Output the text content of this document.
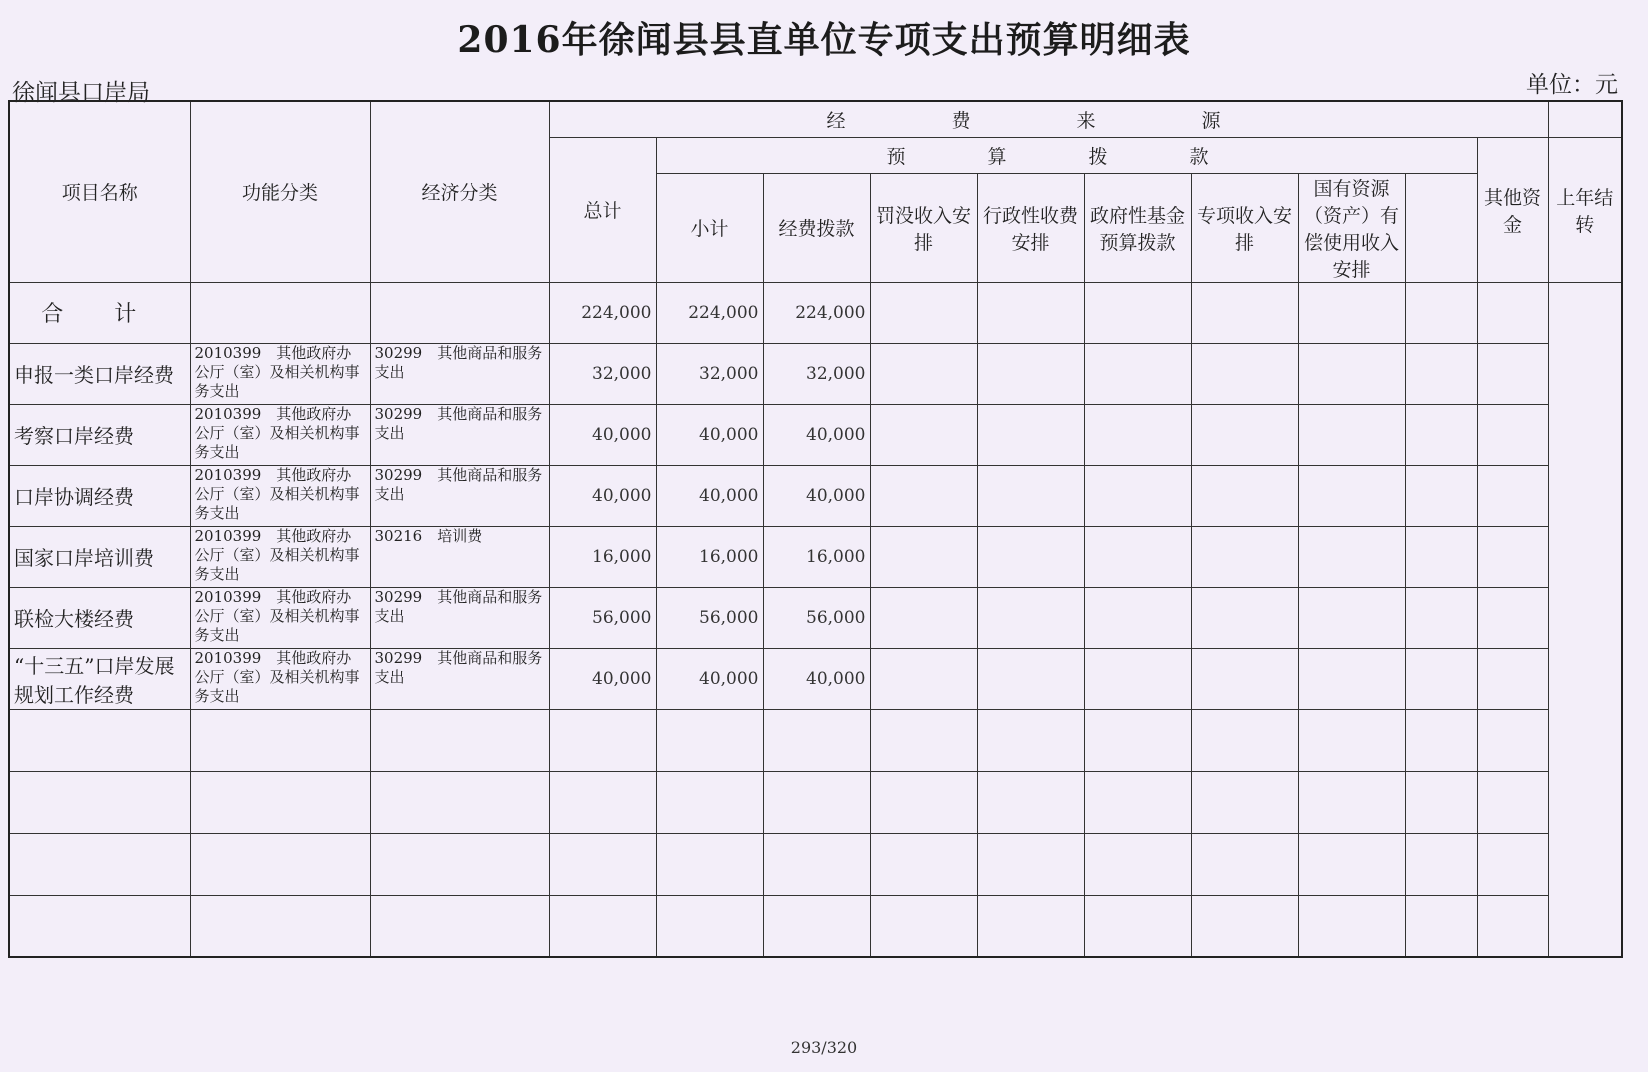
2016年徐闻县县直单位专项支出预算明细表
徐闻县口岸局	单位：元
项目名称	功能分类	经济分类	经 费 来 源										
			总计	预 算 拨 款								其他资金	上年结转
				小计	经费拨款	罚没收入安排	行政性收费安排	政府性基金预算拨款	专项收入安排	国有资源（资产）有偿使用收入安排			
合 计			224,000	224,000	224,000								
申报一类口岸经费	2010399　其他政府办公厅（室）及相关机构事务支出	30299　其他商品和服务支出	32,000	32,000	32,000								
考察口岸经费	2010399　其他政府办公厅（室）及相关机构事务支出	30299　其他商品和服务支出	40,000	40,000	40,000								
口岸协调经费	2010399　其他政府办公厅（室）及相关机构事务支出	30299　其他商品和服务支出	40,000	40,000	40,000								
国家口岸培训费	2010399　其他政府办公厅（室）及相关机构事务支出	30216　培训费	16,000	16,000	16,000								
联检大楼经费	2010399　其他政府办公厅（室）及相关机构事务支出	30299　其他商品和服务支出	56,000	56,000	56,000								
“十三五”口岸发展规划工作经费	2010399　其他政府办公厅（室）及相关机构事务支出	30299　其他商品和服务支出	40,000	40,000	40,000								

293/320
